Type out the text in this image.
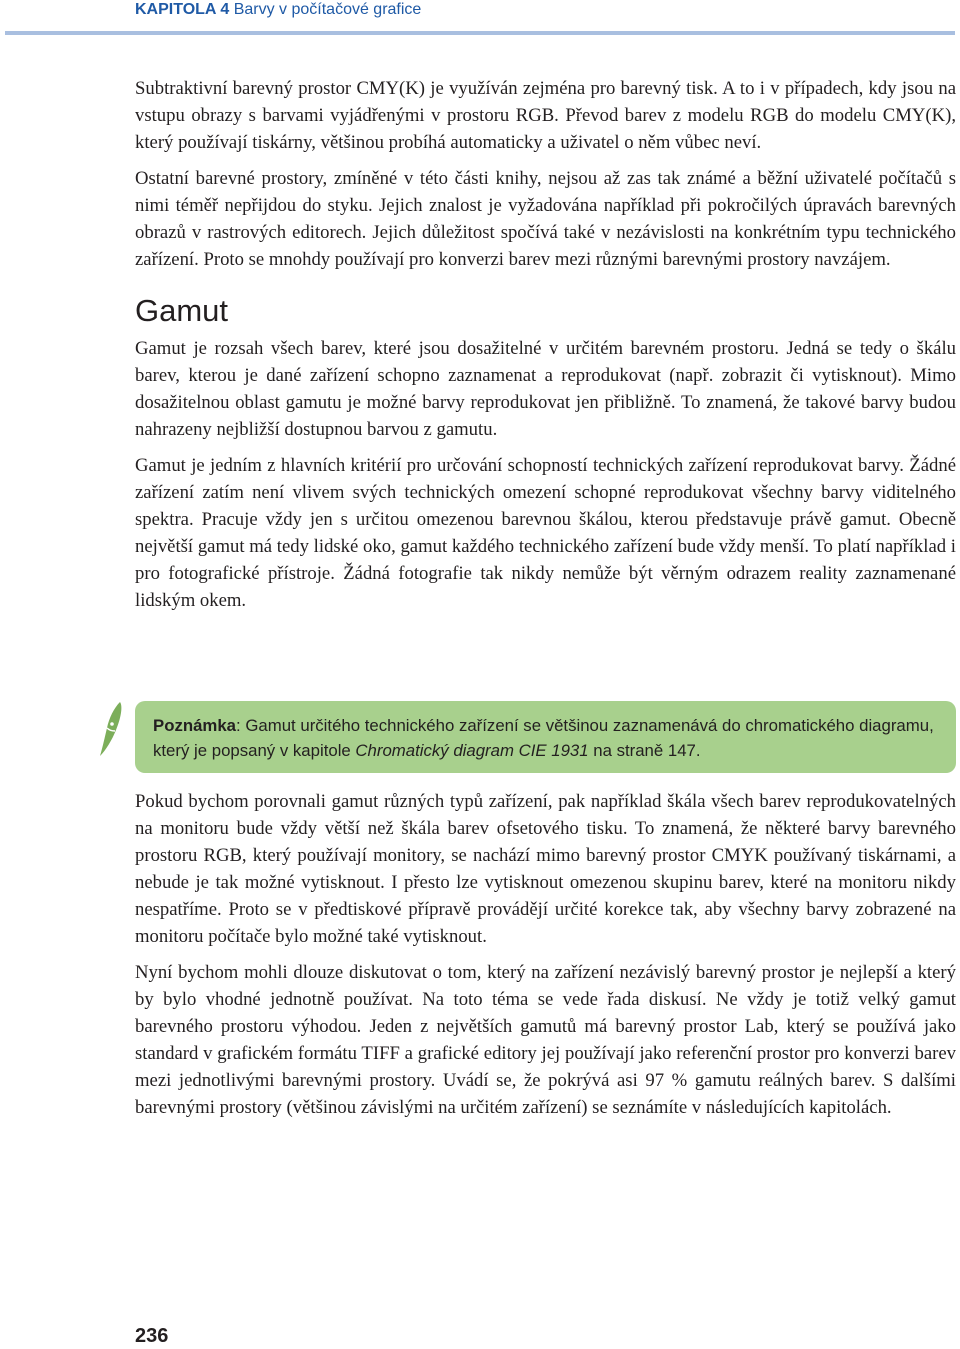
KAPITOLA 4 Barvy v počítačové grafice

Subtraktivní barevný prostor CMY(K) je využíván zejména pro barevný tisk. A to i v případech, kdy jsou na vstupu obrazy s barvami vyjádřenými v prostoru RGB. Převod barev z modelu RGB do modelu CMY(K), který používají tiskárny, většinou probíhá automaticky a uživatel o něm vůbec neví.

Ostatní barevné prostory, zmíněné v této části knihy, nejsou až zas tak známé a běžní uživatelé počítačů s nimi téměř nepřijdou do styku. Jejich znalost je vyžadována například při pokročilých úpravách barevných obrazů v rastrových editorech. Jejich důležitost spočívá také v nezávislosti na konkrétním typu technického zařízení. Proto se mnohdy používají pro konverzi barev mezi různými barevnými prostory navzájem.

Gamut

Gamut je rozsah všech barev, které jsou dosažitelné v určitém barevném prostoru. Jedná se tedy o škálu barev, kterou je dané zařízení schopno zaznamenat a reprodukovat (např. zobrazit či vytisknout). Mimo dosažitelnou oblast gamutu je možné barvy reprodukovat jen přibližně. To znamená, že takové barvy budou nahrazeny nejbližší dostupnou barvou z gamutu.

Gamut je jedním z hlavních kritérií pro určování schopností technických zařízení reprodukovat barvy. Žádné zařízení zatím není vlivem svých technických omezení schopné reprodukovat všechny barvy viditelného spektra. Pracuje vždy jen s určitou omezenou barevnou škálou, kterou představuje právě gamut. Obecně největší gamut má tedy lidské oko, gamut každého technického zařízení bude vždy menší. To platí například i pro fotografické přístroje. Žádná fotografie tak nikdy nemůže být věrným odrazem reality zaznamenané lidským okem.

Poznámka: Gamut určitého technického zařízení se většinou zaznamenává do chromatického diagramu, který je popsaný v kapitole Chromatický diagram CIE 1931 na straně 147.

Pokud bychom porovnali gamut různých typů zařízení, pak například škála všech barev reprodukovatelných na monitoru bude vždy větší než škála barev ofsetového tisku. To znamená, že některé barvy barevného prostoru RGB, který používají monitory, se nachází mimo barevný prostor CMYK používaný tiskárnami, a nebude je tak možné vytisknout. I přesto lze vytisknout omezenou skupinu barev, které na monitoru nikdy nespatříme. Proto se v předtiskové přípravě provádějí určité korekce tak, aby všechny barvy zobrazené na monitoru počítače bylo možné také vytisknout.

Nyní bychom mohli dlouze diskutovat o tom, který na zařízení nezávislý barevný prostor je nejlepší a který by bylo vhodné jednotně používat. Na toto téma se vede řada diskusí. Ne vždy je totiž velký gamut barevného prostoru výhodou. Jeden z největších gamutů má barevný prostor Lab, který se používá jako standard v grafickém formátu TIFF a grafické editory jej používají jako referenční prostor pro konverzi barev mezi jednotlivými barevnými prostory. Uvádí se, že pokrývá asi 97 % gamutu reálných barev. S dalšími barevnými prostory (většinou závislými na určitém zařízení) se seznámíte v následujících kapitolách.

236
